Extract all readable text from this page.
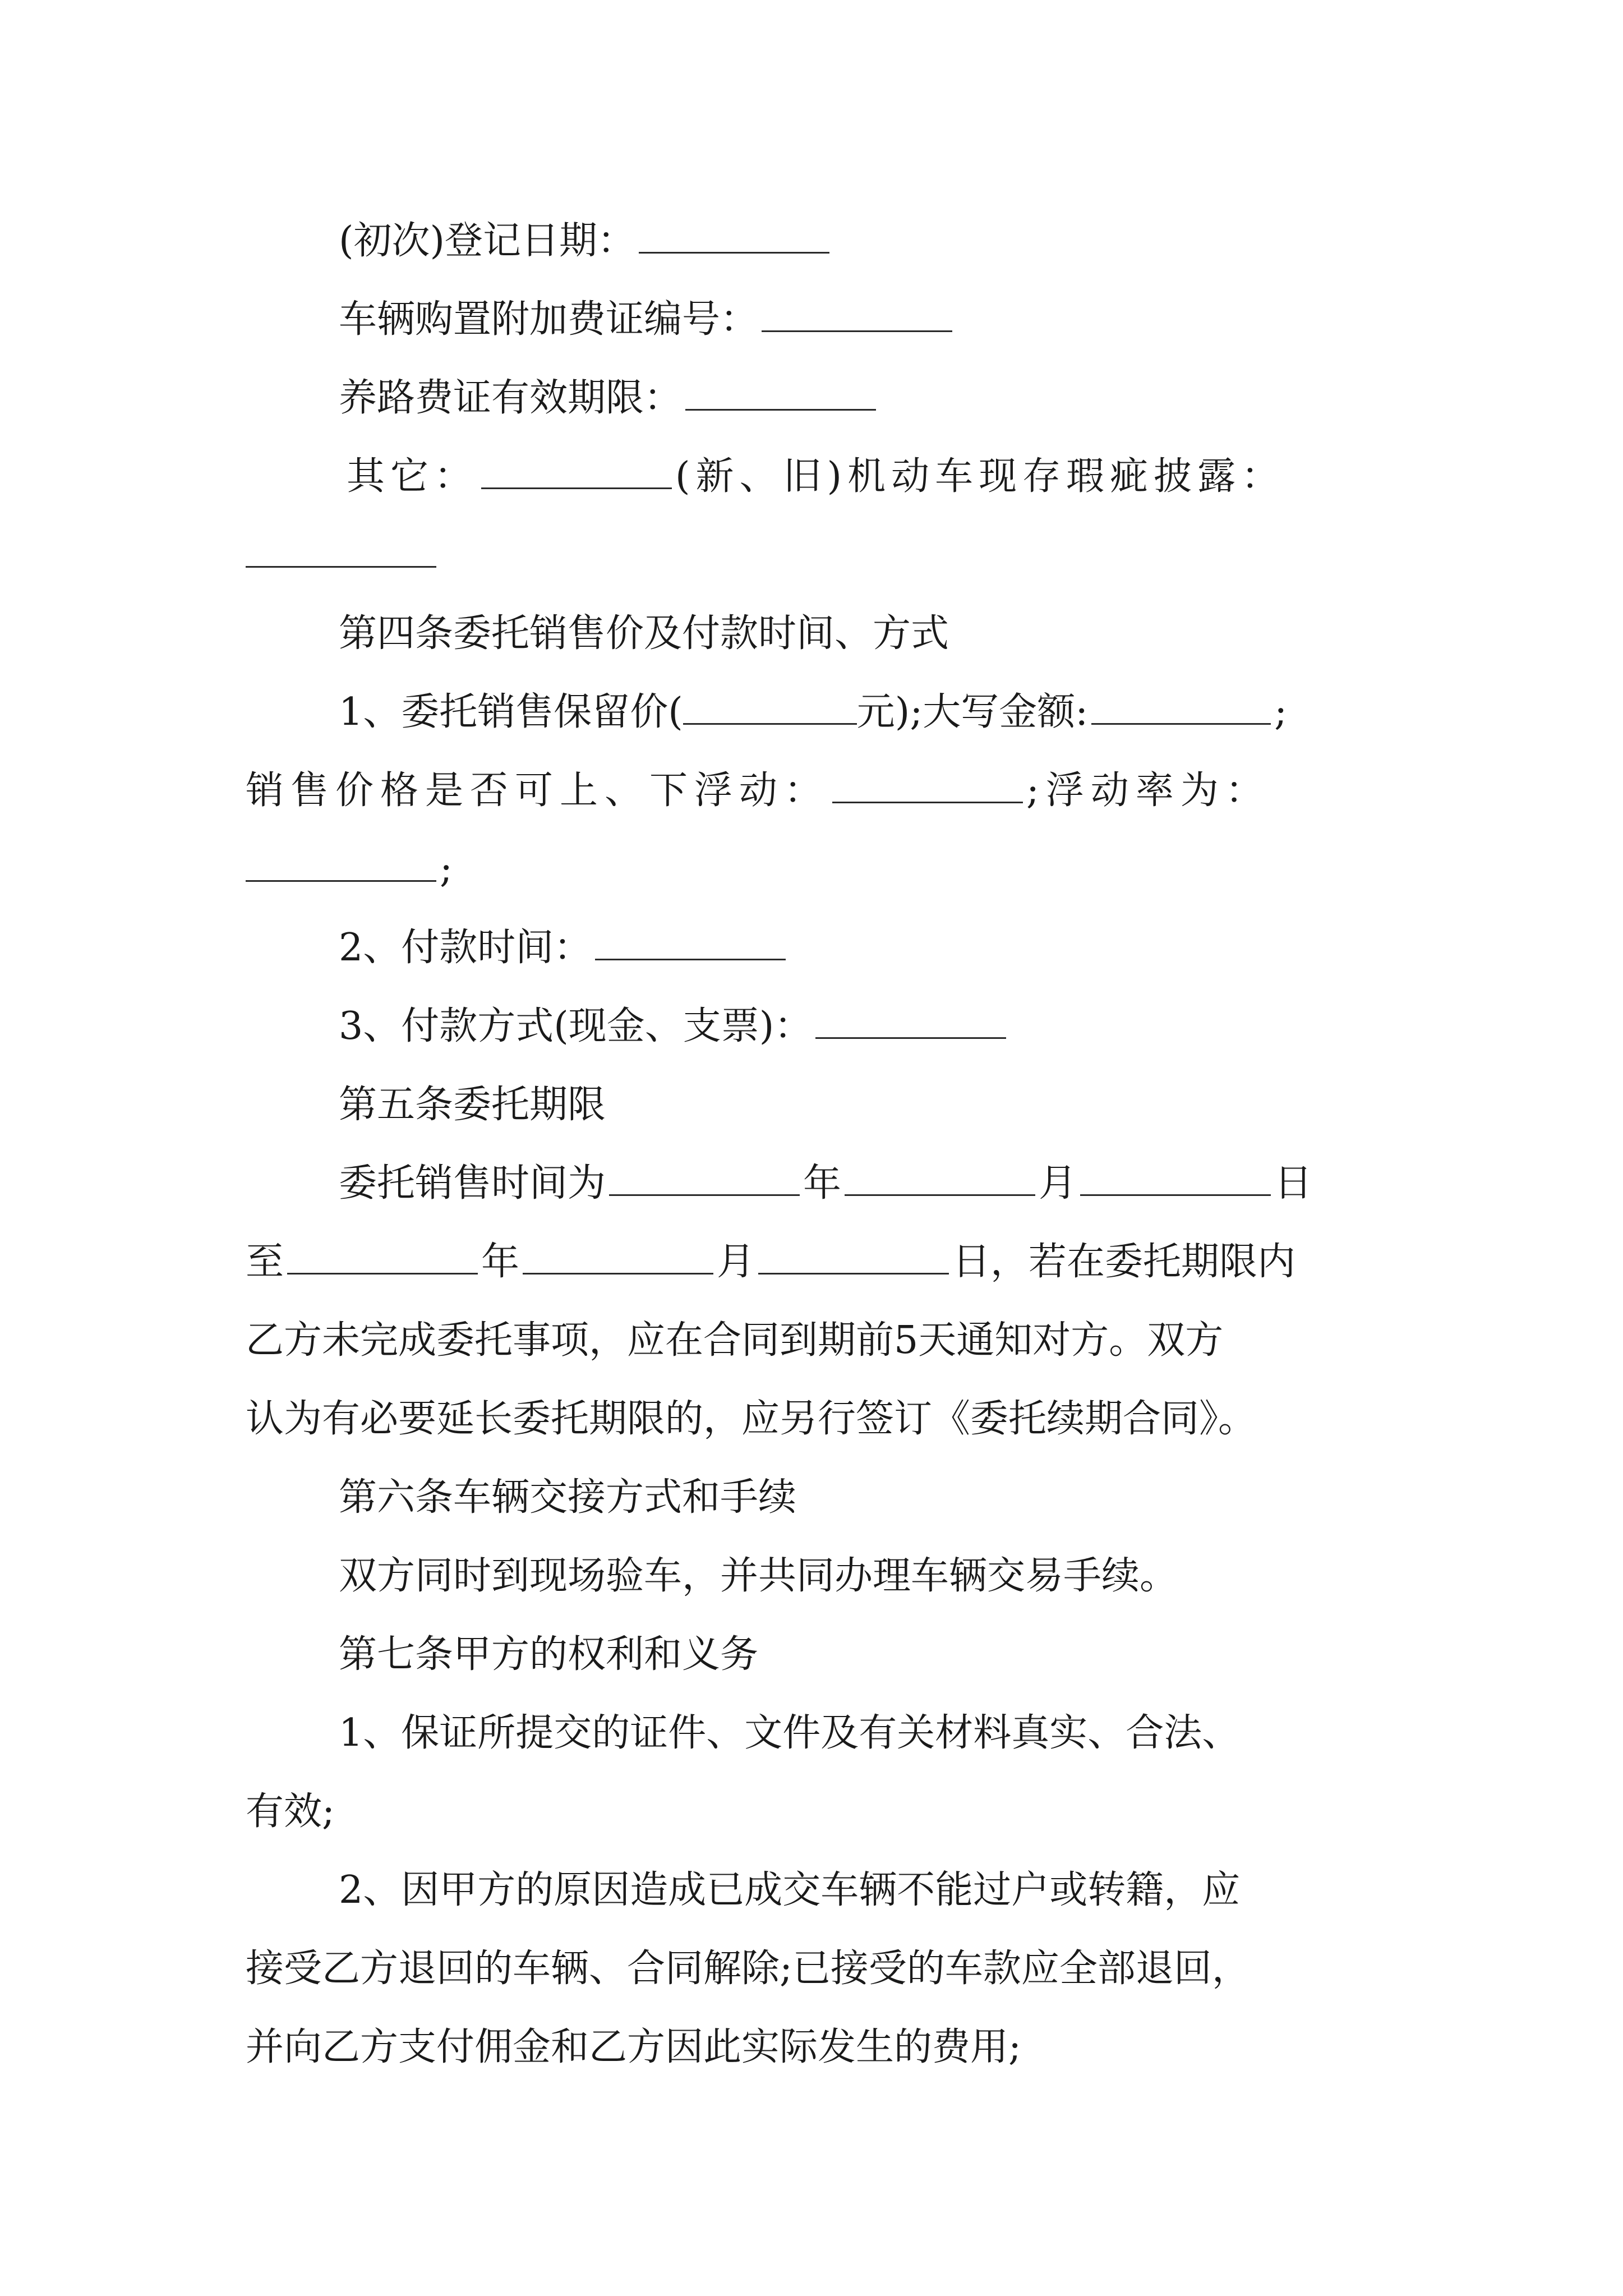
(初次)登记日期：
车辆购置附加费证编号：
养路费证有效期限：
其它：	(新、旧)机动车现存瑕疵披露：
第四条委托销售价及付款时间、方式
1、委托销售保留价(	元);大写金额:	;
销售价格是否可上、下浮动：	;浮动率为：
;
2、付款时间：
3、付款方式(现金、支票)：
第五条委托期限
委托销售时间为	年	月	日
至	年	月	日，若在委托期限内
乙方未完成委托事项，应在合同到期前5天通知对方。双方
认为有必要延长委托期限的，应另行签订《委托续期合同》。
第六条车辆交接方式和手续
双方同时到现场验车，并共同办理车辆交易手续。
第七条甲方的权利和义务
1、保证所提交的证件、文件及有关材料真实、合法、
有效;
2、因甲方的原因造成已成交车辆不能过户或转籍，应
接受乙方退回的车辆、合同解除;已接受的车款应全部退回，
并向乙方支付佣金和乙方因此实际发生的费用;
